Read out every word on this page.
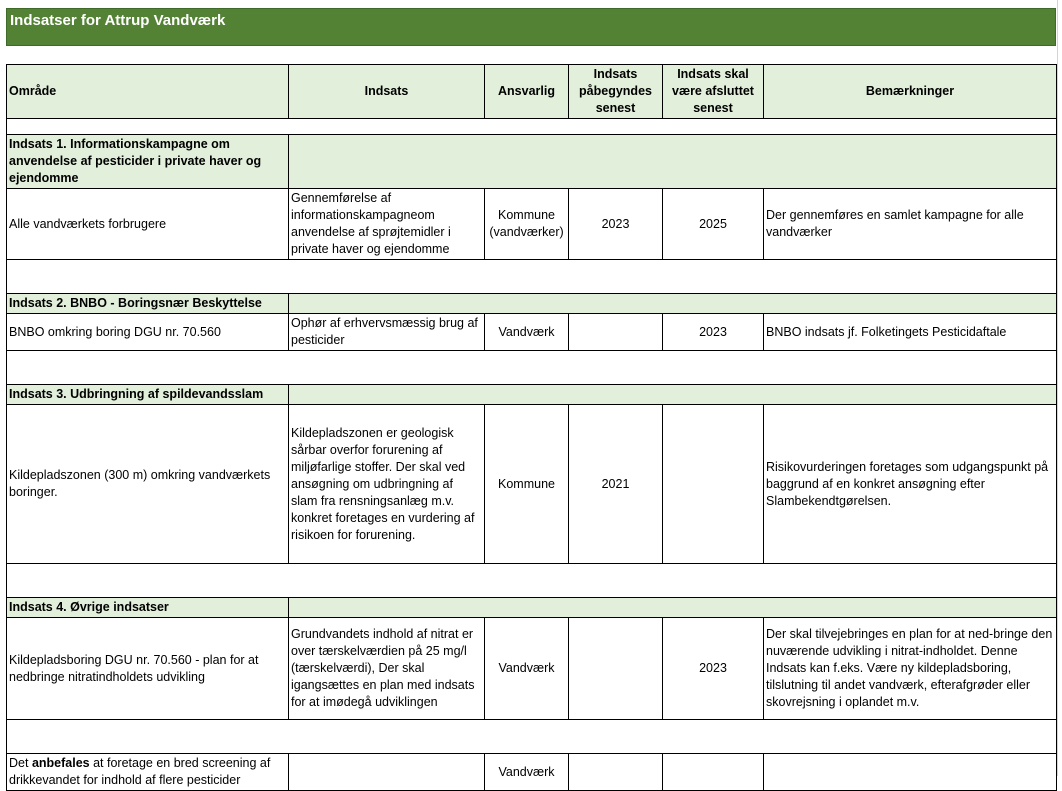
Indsatser for Attrup Vandværk
Område	Indsats	Ansvarlig	Indsats påbegyndes senest	Indsats skal være afsluttet senest	Bemærkninger

Indsats 1. Informationskampagne om anvendelse af pesticider i private haver og ejendomme					
Alle vandværkets forbrugere	Gennemførelse af informationskampagneom anvendelse af sprøjtemidler i private haver og ejendomme	Kommune (vandværker)	2023	2025	Der gennemføres en samlet kampagne for alle vandværker

Indsats 2. BNBO - Boringsnær Beskyttelse					
BNBO omkring boring DGU nr. 70.560	Ophør af erhvervsmæssig brug af pesticider	Vandværk		2023	BNBO indsats jf. Folketingets Pesticidaftale

Indsats 3. Udbringning af spildevandsslam					
Kildepladszonen (300 m) omkring vandværkets boringer.	Kildepladszonen er geologisk sårbar overfor forurening af miljøfarlige stoffer. Der skal ved ansøgning om udbringning af slam fra rensningsanlæg m.v. konkret foretages en vurdering af risikoen for forurening.	Kommune	2021		Risikovurderingen foretages som udgangspunkt på baggrund af en konkret ansøgning efter Slambekendtgørelsen.

Indsats 4. Øvrige indsatser					
Kildepladsboring DGU nr. 70.560 - plan for at nedbringe nitratindholdets udvikling	Grundvandets indhold af nitrat er over tærskelværdien på 25 mg/l (tærskelværdi), Der skal igangsættes en plan med indsats for at imødegå udviklingen	Vandværk		2023	Der skal tilvejebringes en plan for at ned-bringe den nuværende udvikling i nitrat-indholdet. Denne Indsats kan f.eks. Være ny kildepladsboring, tilslutning til andet vandværk, efterafgrøder eller skovrejsning i oplandet m.v.

Det anbefales at foretage en bred screening af drikkevandet for indhold af flere pesticider		Vandværk			
